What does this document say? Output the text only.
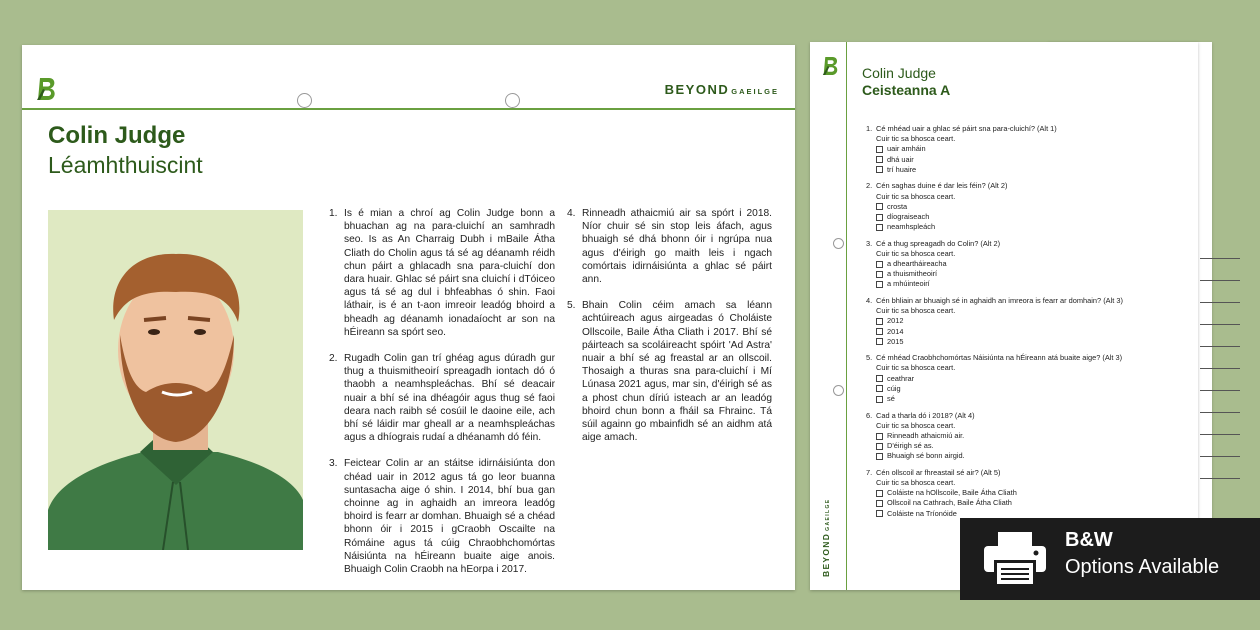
BEYOND GAEILGE
Colin Judge
Léamhthuiscint
1. Is é mian a chroí ag Colin Judge bonn a bhuachan ag na para-cluichí an samhradh seo. Is as An Charraig Dubh i mBaile Átha Cliath do Cholin agus tá sé ag déanamh réidh chun páirt a ghlacadh sna para-cluichí don dara huair. Ghlac sé páirt sna cluichí i dTóiceo agus tá sé ag dul i bhfeabhas ó shin. Faoi láthair, is é an t-aon imreoir leadóg bhoird a bheadh ag déanamh ionadaíocht ar son na hÉireann sa spórt seo.
2. Rugadh Colin gan trí ghéag agus dúradh gur thug a thuismitheoirí spreagadh iontach dó ó thaobh a neamhspleáchas. Bhí sé deacair nuair a bhí sé ina dhéagóir agus thug sé faoi deara nach raibh sé cosúil le daoine eile, ach bhí sé láidir mar gheall ar a neamhspleáchas agus a dhíograis rudaí a dhéanamh dó féin.
3. Feictear Colin ar an stáitse idirnáisiúnta don chéad uair in 2012 agus tá go leor buanna suntasacha aige ó shin. I 2014, bhí bua gan choinne ag in aghaidh an imreora leadóg bhoird is fearr ar domhan. Bhuaigh sé a chéad bhonn óir i 2015 i gCraobh Oscailte na Rómáine agus tá cúig Chraobhchomórtas Náisiúnta na hÉireann buaite aige anois. Bhuaigh Colin Craobh na hEorpa i 2017.
4. Rinneadh athaicmiú air sa spórt i 2018. Níor chuir sé sin stop leis áfach, agus bhuaigh sé dhá bhonn óir i ngrúpa nua agus d'éirigh go maith leis i ngach comórtais idirnáisiúnta a ghlac sé páirt ann.
5. Bhain Colin céim amach sa léann achtúireach agus airgeadas ó Choláiste Ollscoile, Baile Átha Cliath i 2017. Bhí sé páirteach sa scoláireacht spóirt 'Ad Astra' nuair a bhí sé ag freastal ar an ollscoil. Thosaigh a thuras sna para-cluichí i Mí Lúnasa 2021 agus, mar sin, d'éirigh sé as a phost chun díriú isteach ar an leadóg bhoird chun bonn a fháil sa Fhrainc. Tá súil againn go mbainfidh sé an aidhm atá aige amach.
BEYONDGAEILGE
Colin Judge
Ceisteanna A
1. Cé mhéad uair a ghlac sé páirt sna para-cluichí? (Alt 1)
Cuir tic sa bhosca ceart.
uair amháin
dhá uair
trí huaire
2. Cén saghas duine é dar leis féin? (Alt 2)
Cuir tic sa bhosca ceart.
crosta
díograiseach
neamhspleách
3. Cé a thug spreagadh do Colin? (Alt 2)
Cuir tic sa bhosca ceart.
a dheartháireacha
a thuismitheoirí
a mhúinteoirí
4. Cén bhliain ar bhuaigh sé in aghaidh an imreora is fearr ar domhain? (Alt 3)
Cuir tic sa bhosca ceart.
2012
2014
2015
5. Cé mhéad Craobhchomórtas Náisiúnta na hÉireann atá buaite aige? (Alt 3)
Cuir tic sa bhosca ceart.
ceathrar
cúig
sé
6. Cad a tharla dó i 2018? (Alt 4)
Cuir tic sa bhosca ceart.
Rinneadh athaicmiú air.
D'éirigh sé as.
Bhuaigh sé bonn airgid.
7. Cén ollscoil ar fhreastail sé air? (Alt 5)
Cuir tic sa bhosca ceart.
Coláiste na hOllscoile, Baile Átha Cliath
Ollscoil na Cathrach, Baile Átha Cliath
Coláiste na Tríonóide
B&W
Options Available
